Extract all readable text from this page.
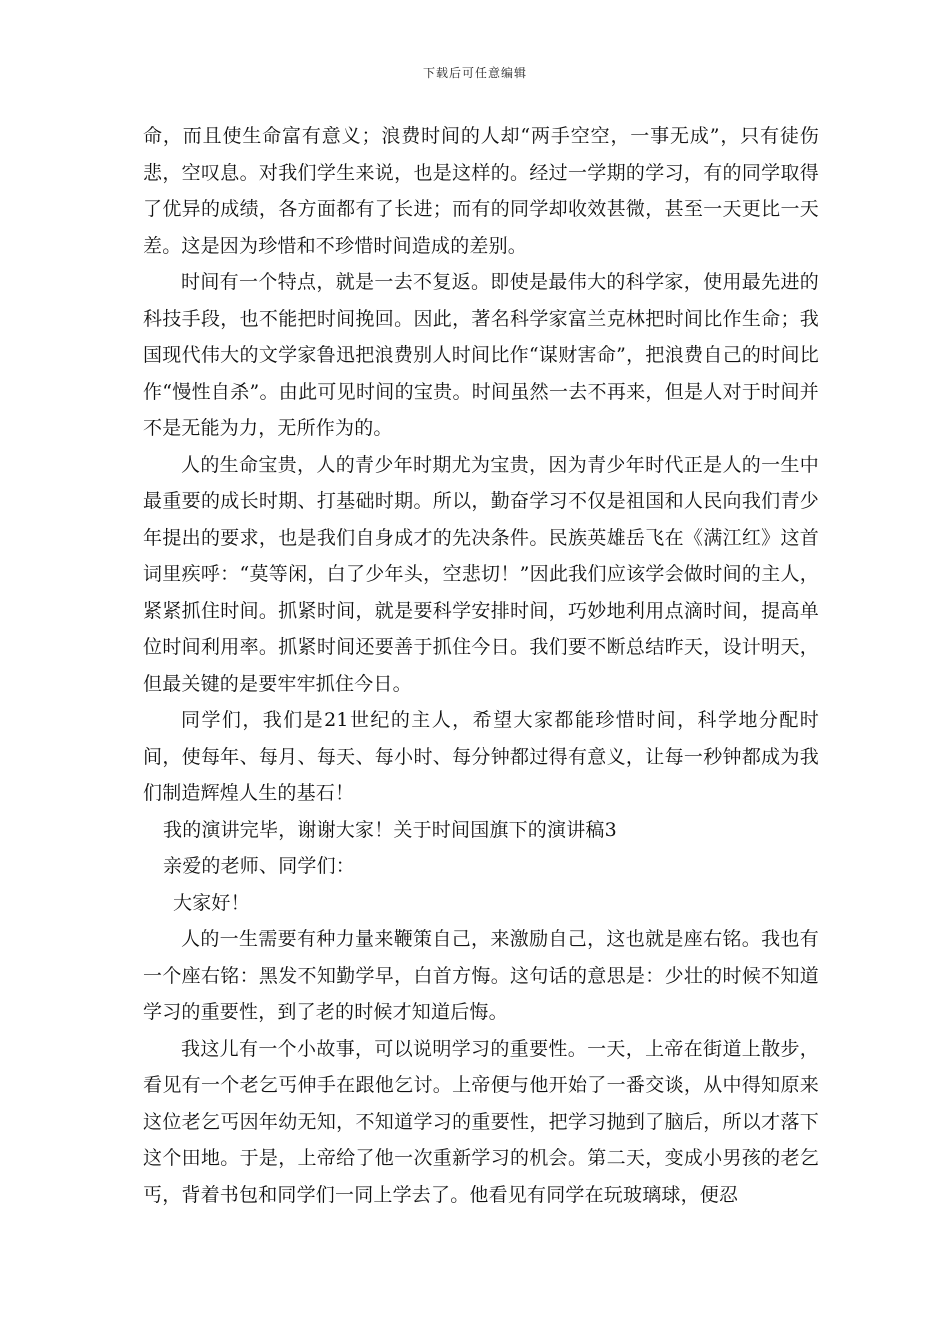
下载后可任意编辑

命，而且使生命富有意义；浪费时间的人却“两手空空，一事无成”，只有徒伤悲，空叹息。对我们学生来说，也是这样的。经过一学期的学习，有的同学取得了优异的成绩，各方面都有了长进；而有的同学却收效甚微，甚至一天更比一天差。这是因为珍惜和不珍惜时间造成的差别。

时间有一个特点，就是一去不复返。即使是最伟大的科学家，使用最先进的科技手段，也不能把时间挽回。因此，著名科学家富兰克林把时间比作生命；我国现代伟大的文学家鲁迅把浪费别人时间比作“谋财害命”，把浪费自己的时间比作“慢性自杀”。由此可见时间的宝贵。时间虽然一去不再来，但是人对于时间并不是无能为力，无所作为的。

人的生命宝贵，人的青少年时期尤为宝贵，因为青少年时代正是人的一生中最重要的成长时期、打基础时期。所以，勤奋学习不仅是祖国和人民向我们青少年提出的要求，也是我们自身成才的先决条件。民族英雄岳飞在《满江红》这首词里疾呼：“莫等闲，白了少年头，空悲切！”因此我们应该学会做时间的主人，紧紧抓住时间。抓紧时间，就是要科学安排时间，巧妙地利用点滴时间，提高单位时间利用率。抓紧时间还要善于抓住今日。我们要不断总结昨天，设计明天，但最关键的是要牢牢抓住今日。

同学们，我们是21世纪的主人，希望大家都能珍惜时间，科学地分配时间，使每年、每月、每天、每小时、每分钟都过得有意义，让每一秒钟都成为我们制造辉煌人生的基石！

我的演讲完毕，谢谢大家！关于时间国旗下的演讲稿3

亲爱的老师、同学们：

大家好！

人的一生需要有种力量来鞭策自己，来激励自己，这也就是座右铭。我也有一个座右铭：黑发不知勤学早，白首方悔。这句话的意思是：少壮的时候不知道学习的重要性，到了老的时候才知道后悔。

我这儿有一个小故事，可以说明学习的重要性。一天，上帝在街道上散步，看见有一个老乞丐伸手在跟他乞讨。上帝便与他开始了一番交谈，从中得知原来这位老乞丐因年幼无知，不知道学习的重要性，把学习抛到了脑后，所以才落下这个田地。于是，上帝给了他一次重新学习的机会。第二天，变成小男孩的老乞丐，背着书包和同学们一同上学去了。他看见有同学在玩玻璃球，便忍
